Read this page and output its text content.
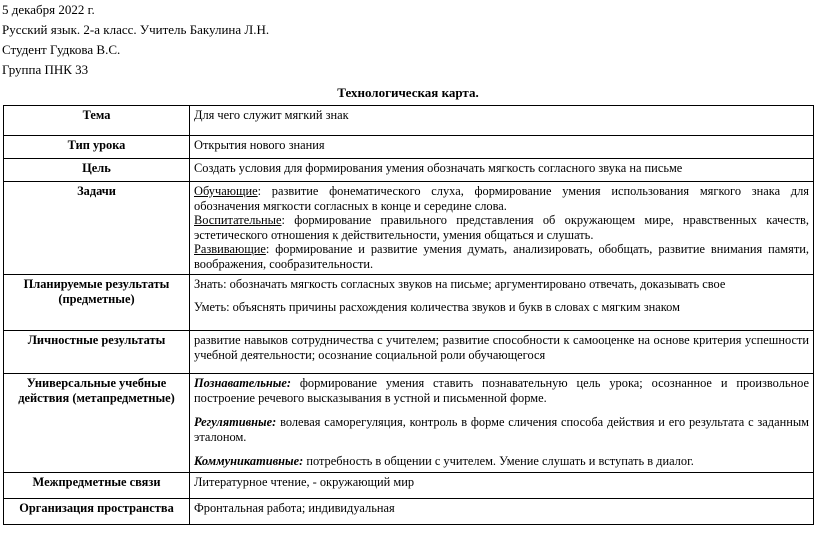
5 декабря 2022 г.
Русский язык. 2-а класс. Учитель Бакулина Л.Н.
Студент Гудкова В.С.
Группа ПНК 33
Технологическая карта.
Тема	Для чего служит мягкий знак
Тип урока	Открытия нового знания
Цель	Создать условия для формирования умения обозначать мягкость согласного звука на письме
Задачи	Обучающие: развитие фонематического слуха, формирование умения использования мягкого знака для обозначения мягкости согласных в конце и середине слова.
Воспитательные: формирование правильного представления об окружающем мире, нравственных качеств, эстетического отношения к действительности, умения общаться и слушать.
Развивающие: формирование и развитие умения думать, анализировать, обобщать, развитие внимания памяти, воображения, сообразительности.

Планируемые результаты (предметные)	Знать: обозначать мягкость согласных звуков на письме; аргументировано отвечать, доказывать свое
Уметь: объяснять причины расхождения количества звуков и букв в словах с мягким знаком

Личностные результаты	развитие навыков сотрудничества с учителем; развитие способности к самооценке на основе критерия успешности учебной деятельности; осознание социальной роли обучающегося
Универсальные учебные действия (метапредметные)	Познавательные: формирование умения ставить познавательную цель урока; осознанное и произвольное построение речевого высказывания в устной и письменной форме.
Регулятивные: волевая саморегуляция, контроль в форме сличения способа действия и его результата с заданным эталоном.
Коммуникативные: потребность в общении с учителем. Умение слушать и вступать в диалог.

Межпредметные связи	Литературное чтение, - окружающий мир
Организация пространства	Фронтальная работа; индивидуальная
